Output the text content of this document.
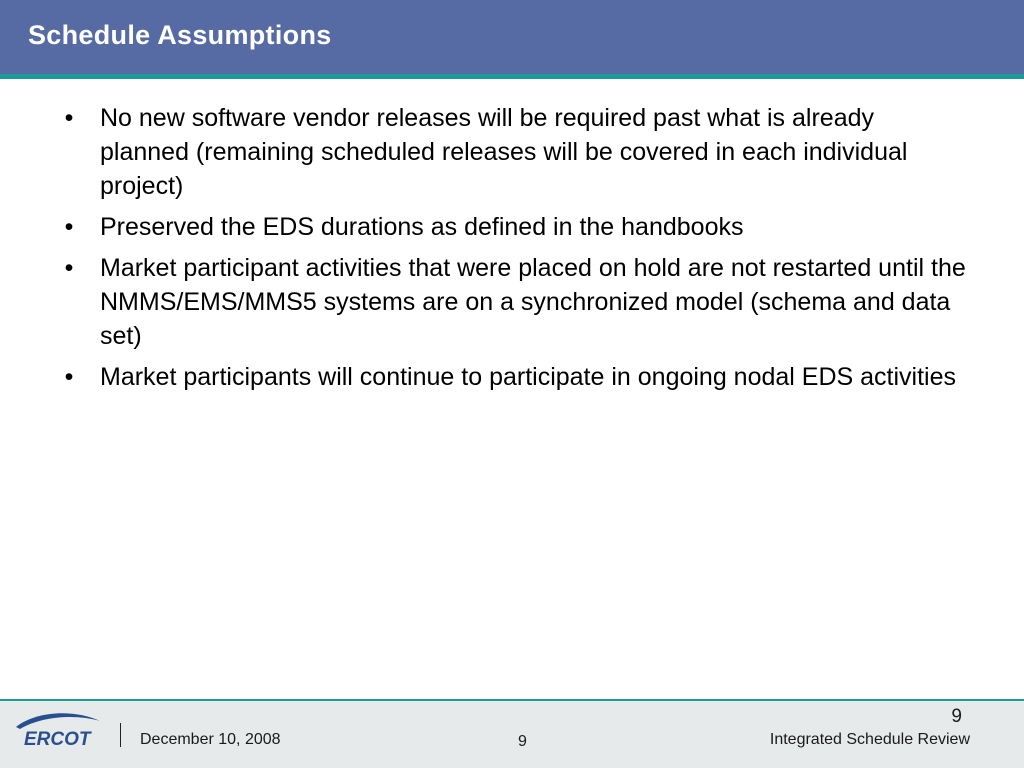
Schedule Assumptions
• No new software vendor releases will be required past what is already planned (remaining scheduled releases will be covered in each individual project)
• Preserved the EDS durations as defined in the handbooks
• Market participant activities that were placed on hold are not restarted until the NMMS/EMS/MMS5 systems are on a synchronized model (schema and data set)
• Market participants will continue to participate in ongoing nodal EDS activities
ERCOT	December 10, 2008	9	Integrated Schedule Review
9
